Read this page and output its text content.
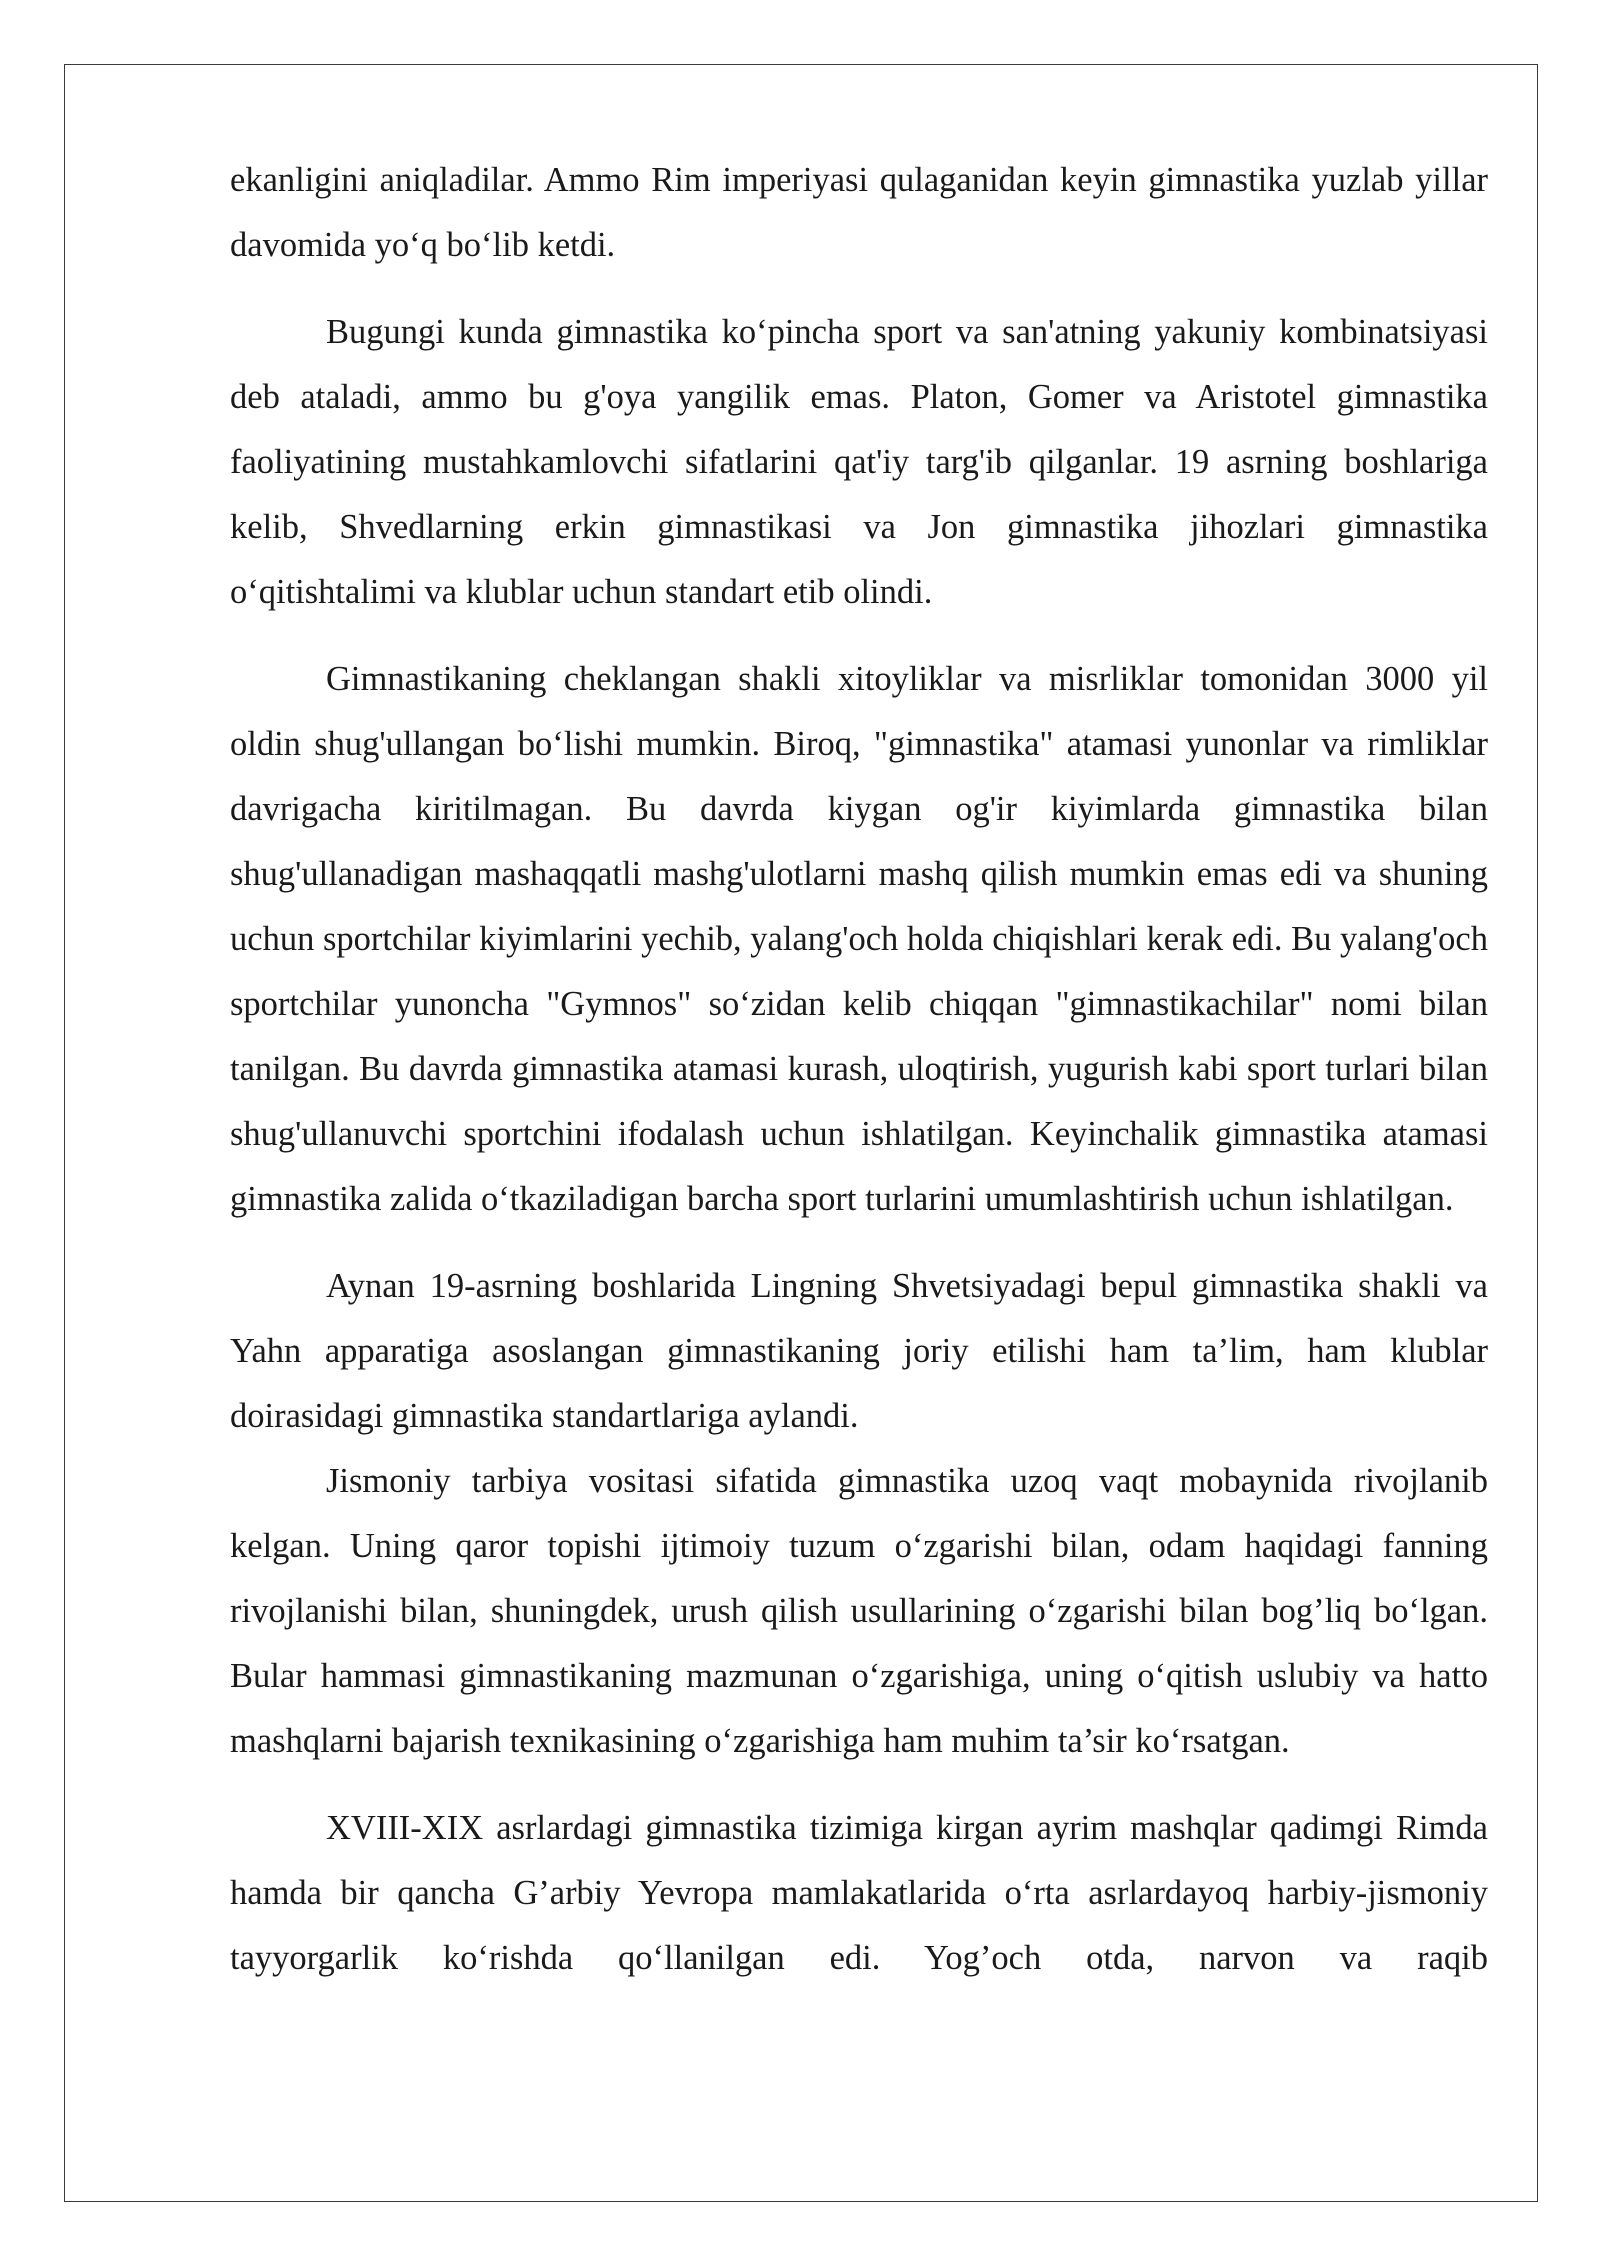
ekanligini aniqladilar. Ammo Rim imperiyasi qulaganidan keyin gimnastika yuzlab yillar davomida yo‘q bo‘lib ketdi.

Bugungi kunda gimnastika ko‘pincha sport va san'atning yakuniy kombinatsiyasi deb ataladi, ammo bu g'oya yangilik emas. Platon, Gomer va Aristotel gimnastika faoliyatining mustahkamlovchi sifatlarini qat'iy targ'ib qilganlar. 19 asrning boshlariga kelib, Shvedlarning erkin gimnastikasi va Jon gimnastika jihozlari gimnastika o‘qitishtalimi va klublar uchun standart etib olindi.

Gimnastikaning cheklangan shakli xitoyliklar va misrliklar tomonidan 3000 yil oldin shug'ullangan bo‘lishi mumkin. Biroq, "gimnastika" atamasi yunonlar va rimliklar davrigacha kiritilmagan. Bu davrda kiygan og'ir kiyimlarda gimnastika bilan shug'ullanadigan mashaqqatli mashg'ulotlarni mashq qilish mumkin emas edi va shuning uchun sportchilar kiyimlarini yechib, yalang'och holda chiqishlari kerak edi. Bu yalang'och sportchilar yunoncha "Gymnos" so‘zidan kelib chiqqan "gimnastikachilar" nomi bilan tanilgan. Bu davrda gimnastika atamasi kurash, uloqtirish, yugurish kabi sport turlari bilan shug'ullanuvchi sportchini ifodalash uchun ishlatilgan. Keyinchalik gimnastika atamasi gimnastika zalida o‘tkaziladigan barcha sport turlarini umumlashtirish uchun ishlatilgan.

Aynan 19-asrning boshlarida Lingning Shvetsiyadagi bepul gimnastika shakli va Yahn apparatiga asoslangan gimnastikaning joriy etilishi ham ta’lim, ham klublar doirasidagi gimnastika standartlariga aylandi.

Jismoniy tarbiya vositasi sifatida gimnastika uzoq vaqt mobaynida rivojlanib kelgan. Uning qaror topishi ijtimoiy tuzum o‘zgarishi bilan, odam haqidagi fanning rivojlanishi bilan, shuningdek, urush qilish usullarining o‘zgarishi bilan bog’liq bo‘lgan. Bular hammasi gimnastikaning mazmunan o‘zgarishiga, uning o‘qitish uslubiy va hatto mashqlarni bajarish texnikasining o‘zgarishiga ham muhim ta’sir ko‘rsatgan.

XVIII-XIX asrlardagi gimnastika tizimiga kirgan ayrim mashqlar qadimgi Rimda hamda bir qancha G’arbiy Yevropa mamlakatlarida o‘rta asrlardayoq harbiy-jismoniy tayyorgarlik ko‘rishda qo‘llanilgan edi. Yog’och otda, narvon va raqib
